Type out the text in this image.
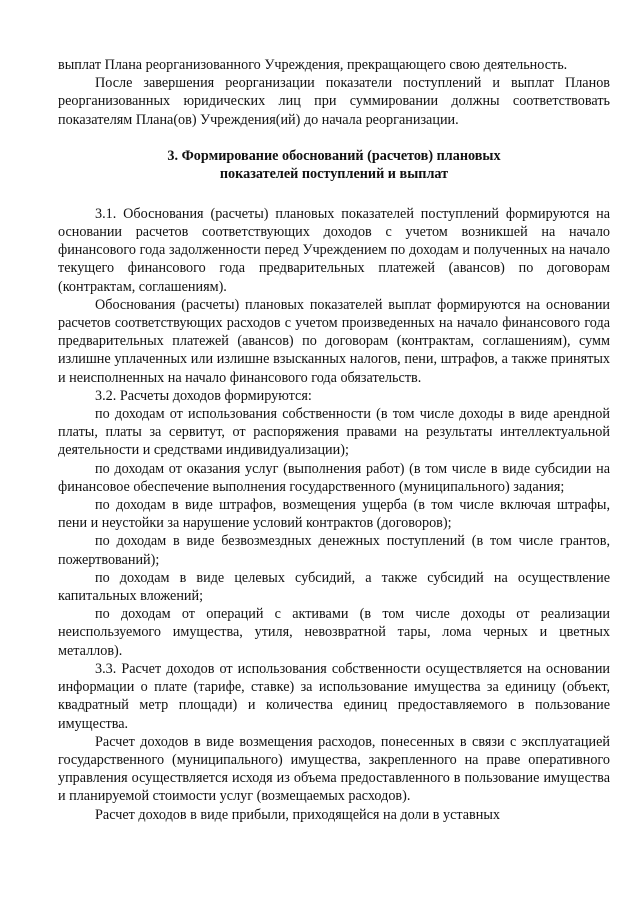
выплат Плана реорганизованного Учреждения, прекращающего свою деятельность.

После завершения реорганизации показатели поступлений и выплат Планов реорганизованных юридических лиц при суммировании должны соответствовать показателям Плана(ов) Учреждения(ий) до начала реорганизации.

3. Формирование обоснований (расчетов) плановых
показателей поступлений и выплат

3.1. Обоснования (расчеты) плановых показателей поступлений формируются на основании расчетов соответствующих доходов с учетом возникшей на начало финансового года задолженности перед Учреждением по доходам и полученных на начало текущего финансового года предварительных платежей (авансов) по договорам (контрактам, соглашениям).

Обоснования (расчеты) плановых показателей выплат формируются на основании расчетов соответствующих расходов с учетом произведенных на начало финансового года предварительных платежей (авансов) по договорам (контрактам, соглашениям), сумм излишне уплаченных или излишне взысканных налогов, пени, штрафов, а также принятых и неисполненных на начало финансового года обязательств.

3.2. Расчеты доходов формируются:

по доходам от использования собственности (в том числе доходы в виде арендной платы, платы за сервитут, от распоряжения правами на результаты интеллектуальной деятельности и средствами индивидуализации);

по доходам от оказания услуг (выполнения работ) (в том числе в виде субсидии на финансовое обеспечение выполнения государственного (муниципального) задания;

по доходам в виде штрафов, возмещения ущерба (в том числе включая штрафы, пени и неустойки за нарушение условий контрактов (договоров);

по доходам в виде безвозмездных денежных поступлений (в том числе грантов, пожертвований);

по доходам в виде целевых субсидий, а также субсидий на осуществление капитальных вложений;

по доходам от операций с активами (в том числе доходы от реализации неиспользуемого имущества, утиля, невозвратной тары, лома черных и цветных металлов).

3.3. Расчет доходов от использования собственности осуществляется на основании информации о плате (тарифе, ставке) за использование имущества за единицу (объект, квадратный метр площади) и количества единиц предоставляемого в пользование имущества.

Расчет доходов в виде возмещения расходов, понесенных в связи с эксплуатацией государственного (муниципального) имущества, закрепленного на праве оперативного управления осуществляется исходя из объема предоставленного в пользование имущества и планируемой стоимости услуг (возмещаемых расходов).

Расчет доходов в виде прибыли, приходящейся на доли в уставных
